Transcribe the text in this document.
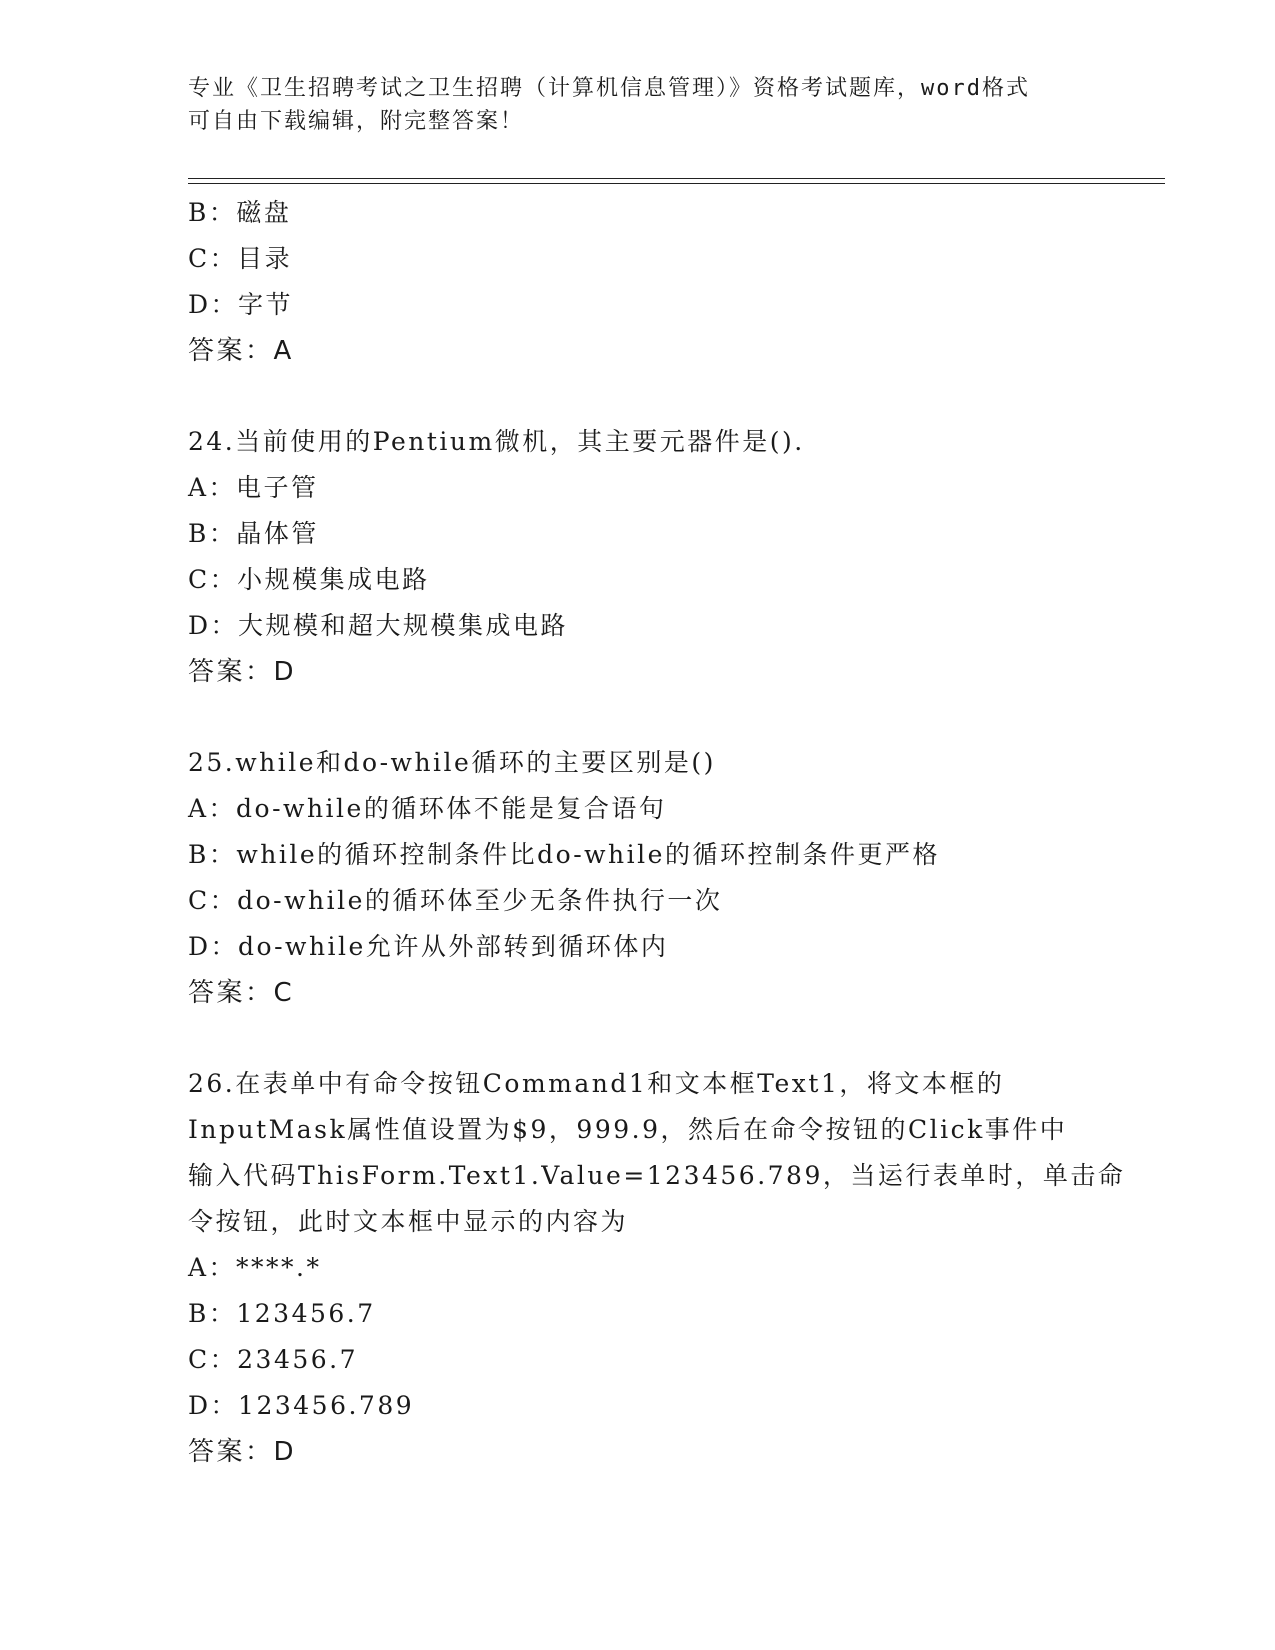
专业《卫生招聘考试之卫生招聘（计算机信息管理）》资格考试题库，word格式
可自由下载编辑，附完整答案！
B：磁盘
C：目录
D：字节
答案：A
24.当前使用的Pentium微机，其主要元器件是().
A：电子管
B：晶体管
C：小规模集成电路
D：大规模和超大规模集成电路
答案：D
25.while和do-while循环的主要区别是()
A：do-while的循环体不能是复合语句
B：while的循环控制条件比do-while的循环控制条件更严格
C：do-while的循环体至少无条件执行一次
D：do-while允许从外部转到循环体内
答案：C
26.在表单中有命令按钮Command1和文本框Text1，将文本框的
InputMask属性值设置为$9，999.9，然后在命令按钮的Click事件中
输入代码ThisForm.Text1.Value=123456.789，当运行表单时，单击命
令按钮，此时文本框中显示的内容为
A：****.*
B：123456.7
C：23456.7
D：123456.789
答案：D
